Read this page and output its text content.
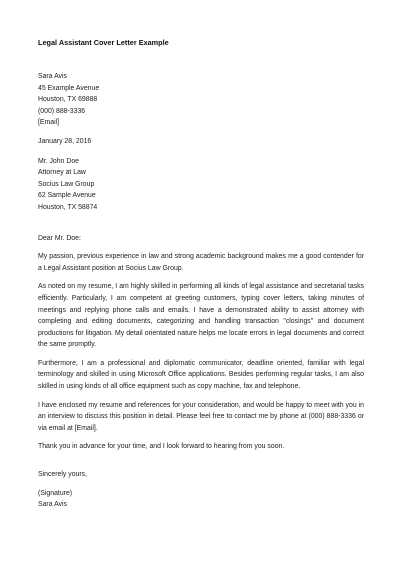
Legal Assistant Cover Letter Example
Sara Avis
45 Example Avenue
Houston, TX 69888
(000) 888-3336
[Email]
January 28, 2016
Mr. John Doe
Attorney at Law
Socius Law Group
62 Sample Avenue
Houston, TX 58874
Dear Mr. Doe:

My passion, previous experience in law and strong academic background makes me a good contender for a Legal Assistant position at Socius Law Group.

As noted on my resume, I am highly skilled in performing all kinds of legal assistance and secretarial tasks efficiently. Particularly, I am competent at greeting customers, typing cover letters, taking minutes of meetings and replying phone calls and emails. I have a demonstrated ability to assist attorney with completing and editing documents, categorizing and handling transaction "closings" and document productions for litigation. My detail orientated nature helps me locate errors in legal documents and correct the same promptly.

Furthermore, I am a professional and diplomatic communicator, deadline oriented, familiar with legal terminology and skilled in using Microsoft Office applications. Besides performing regular tasks, I am also skilled in using kinds of all office equipment such as copy machine, fax and telephone.

I have enclosed my resume and references for your consideration, and would be happy to meet with you in an interview to discuss this position in detail. Please feel free to contact me by phone at (000) 888-3336 or via email at [Email].

Thank you in advance for your time, and I look forward to hearing from you soon.

Sincerely yours,
(Signature)
Sara Avis
